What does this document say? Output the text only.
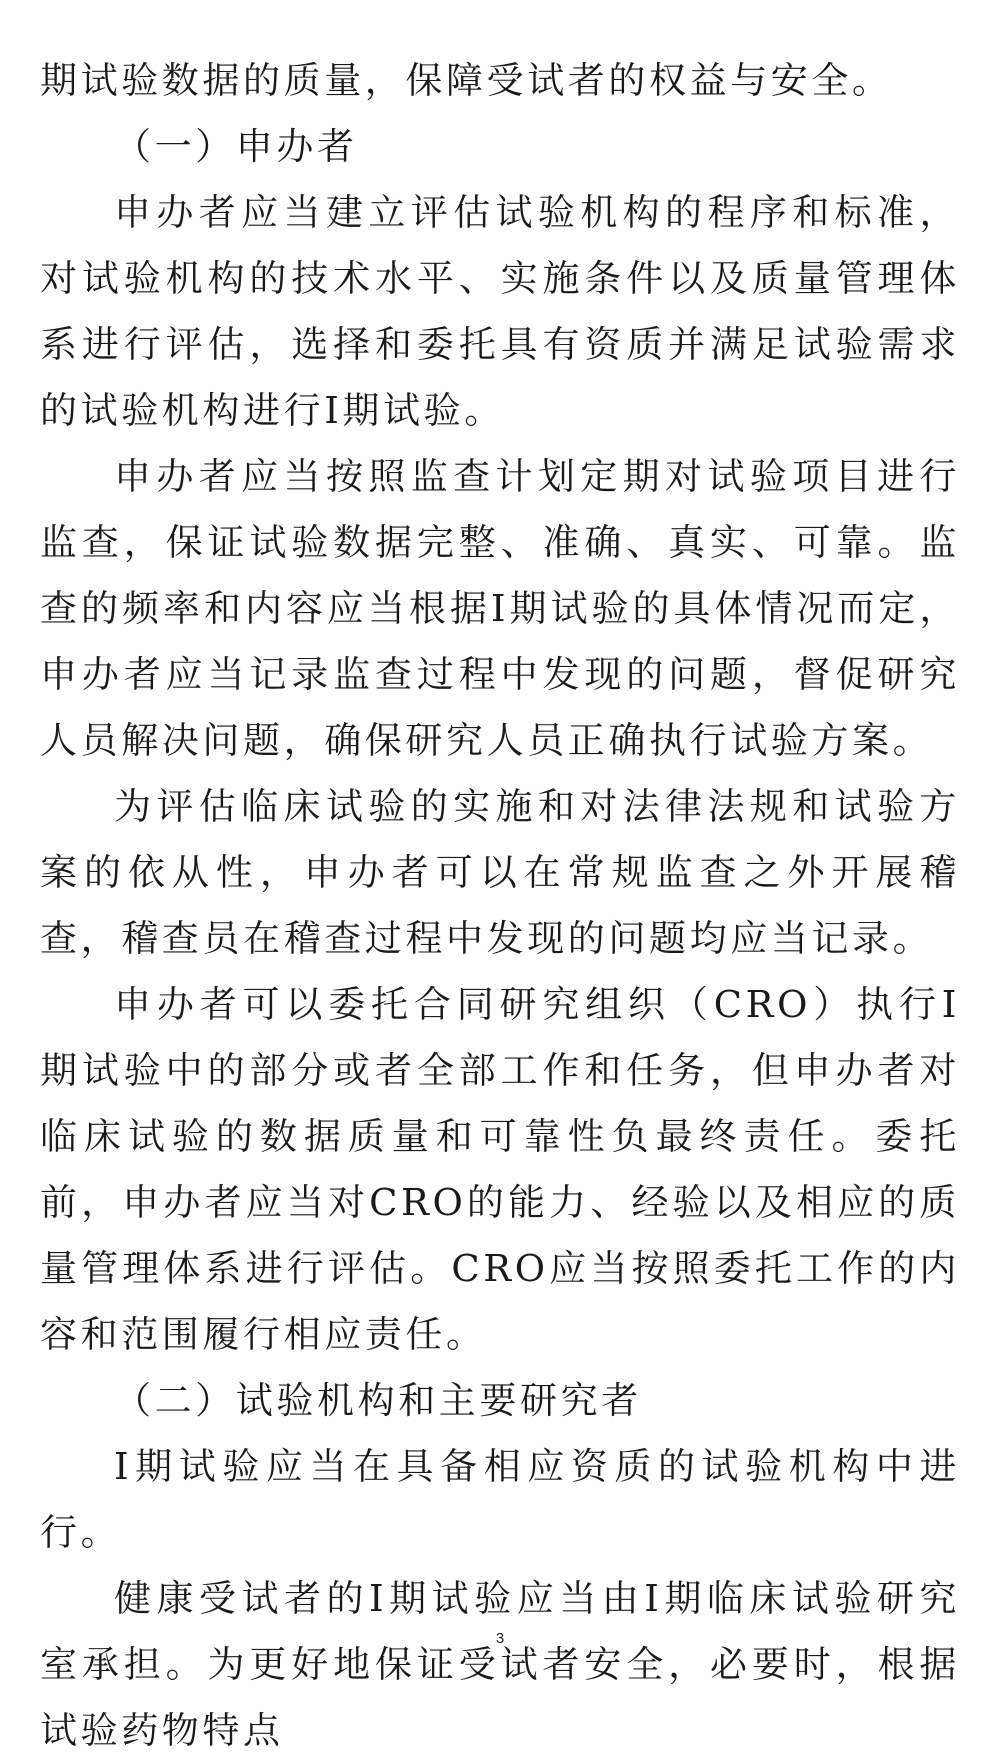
期试验数据的质量，保障受试者的权益与安全。

（一）申办者

申办者应当建立评估试验机构的程序和标准，对试验机构的技术水平、实施条件以及质量管理体系进行评估，选择和委托具有资质并满足试验需求的试验机构进行Ⅰ期试验。

申办者应当按照监查计划定期对试验项目进行监查，保证试验数据完整、准确、真实、可靠。监查的频率和内容应当根据Ⅰ期试验的具体情况而定，申办者应当记录监查过程中发现的问题，督促研究人员解决问题，确保研究人员正确执行试验方案。

为评估临床试验的实施和对法律法规和试验方案的依从性，申办者可以在常规监查之外开展稽查，稽查员在稽查过程中发现的问题均应当记录。

申办者可以委托合同研究组织（CRO）执行Ⅰ期试验中的部分或者全部工作和任务，但申办者对临床试验的数据质量和可靠性负最终责任。委托前，申办者应当对CRO的能力、经验以及相应的质量管理体系进行评估。CRO应当按照委托工作的内容和范围履行相应责任。

（二）试验机构和主要研究者

Ⅰ期试验应当在具备相应资质的试验机构中进行。

健康受试者的Ⅰ期试验应当由Ⅰ期临床试验研究室承担。为更好地保证受试者安全，必要时，根据试验药物特点

3
